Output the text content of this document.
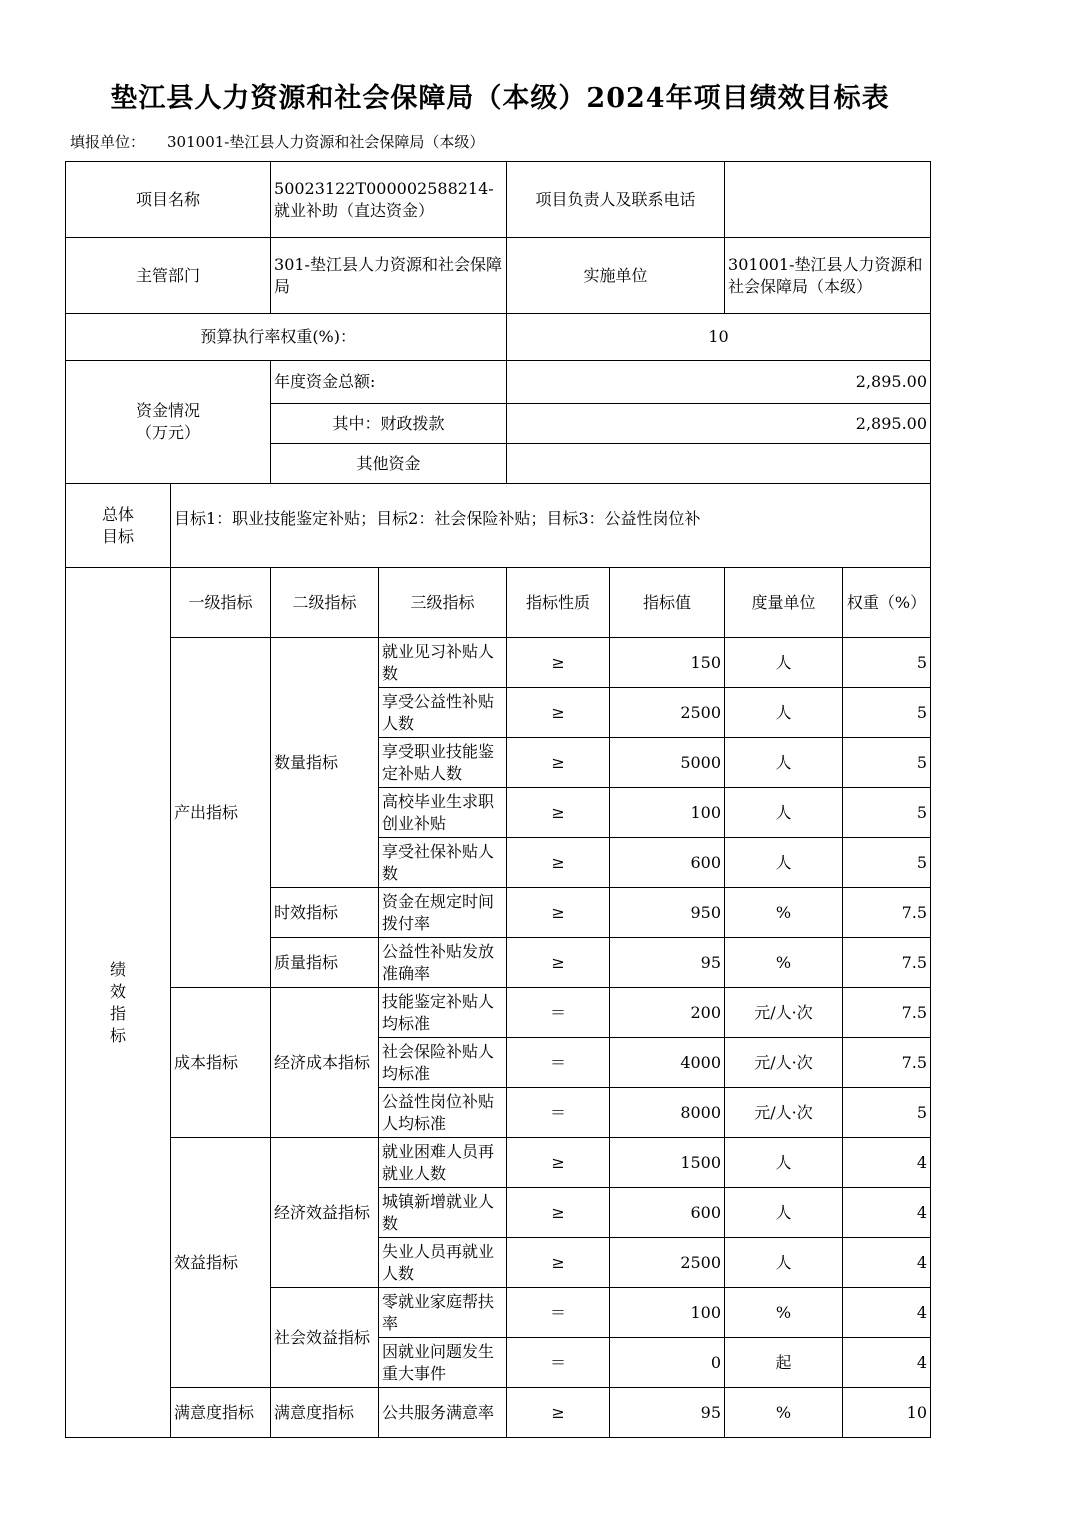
垫江县人力资源和社会保障局（本级）2024年项目绩效目标表
填报单位： 301001-垫江县人力资源和社会保障局（本级）
项目名称		50023122T000002588214-就业补助（直达资金）		项目负责人及联系电话			
主管部门		301-垫江县人力资源和社会保障局		实施单位		301001-垫江县人力资源和社会保障局（本级）	
预算执行率权重(%)：				10			

资金情况
（万元）		年度资金总额:		2,895.00			
		其中：财政拨款		2,895.00			
		其他资金					

总体
目标	目标1：职业技能鉴定补贴；目标2：社会保险补贴；目标3：公益性岗位补						

绩
效
指
标	一级指标	二级指标	三级指标	指标性质	指标值	度量单位	权重（%）
	产出指标	数量指标	就业见习补贴人数	≥	150	人	5
			享受公益性补贴人数	≥	2500	人	5
			享受职业技能鉴定补贴人数	≥	5000	人	5
			高校毕业生求职创业补贴	≥	100	人	5
			享受社保补贴人数	≥	600	人	5
		时效指标	资金在规定时间拨付率	≥	950	%	7.5
		质量指标	公益性补贴发放准确率	≥	95	%	7.5
	成本指标	经济成本指标	技能鉴定补贴人均标准	＝	200	元/人·次	7.5
			社会保险补贴人均标准	＝	4000	元/人·次	7.5
			公益性岗位补贴人均标准	＝	8000	元/人·次	5
	效益指标	经济效益指标	就业困难人员再就业人数	≥	1500	人	4
			城镇新增就业人数	≥	600	人	4
			失业人员再就业人数	≥	2500	人	4
		社会效益指标	零就业家庭帮扶率	＝	100	%	4
			因就业问题发生重大事件	＝	0	起	4
	满意度指标	满意度指标	公共服务满意率	≥	95	%	10
